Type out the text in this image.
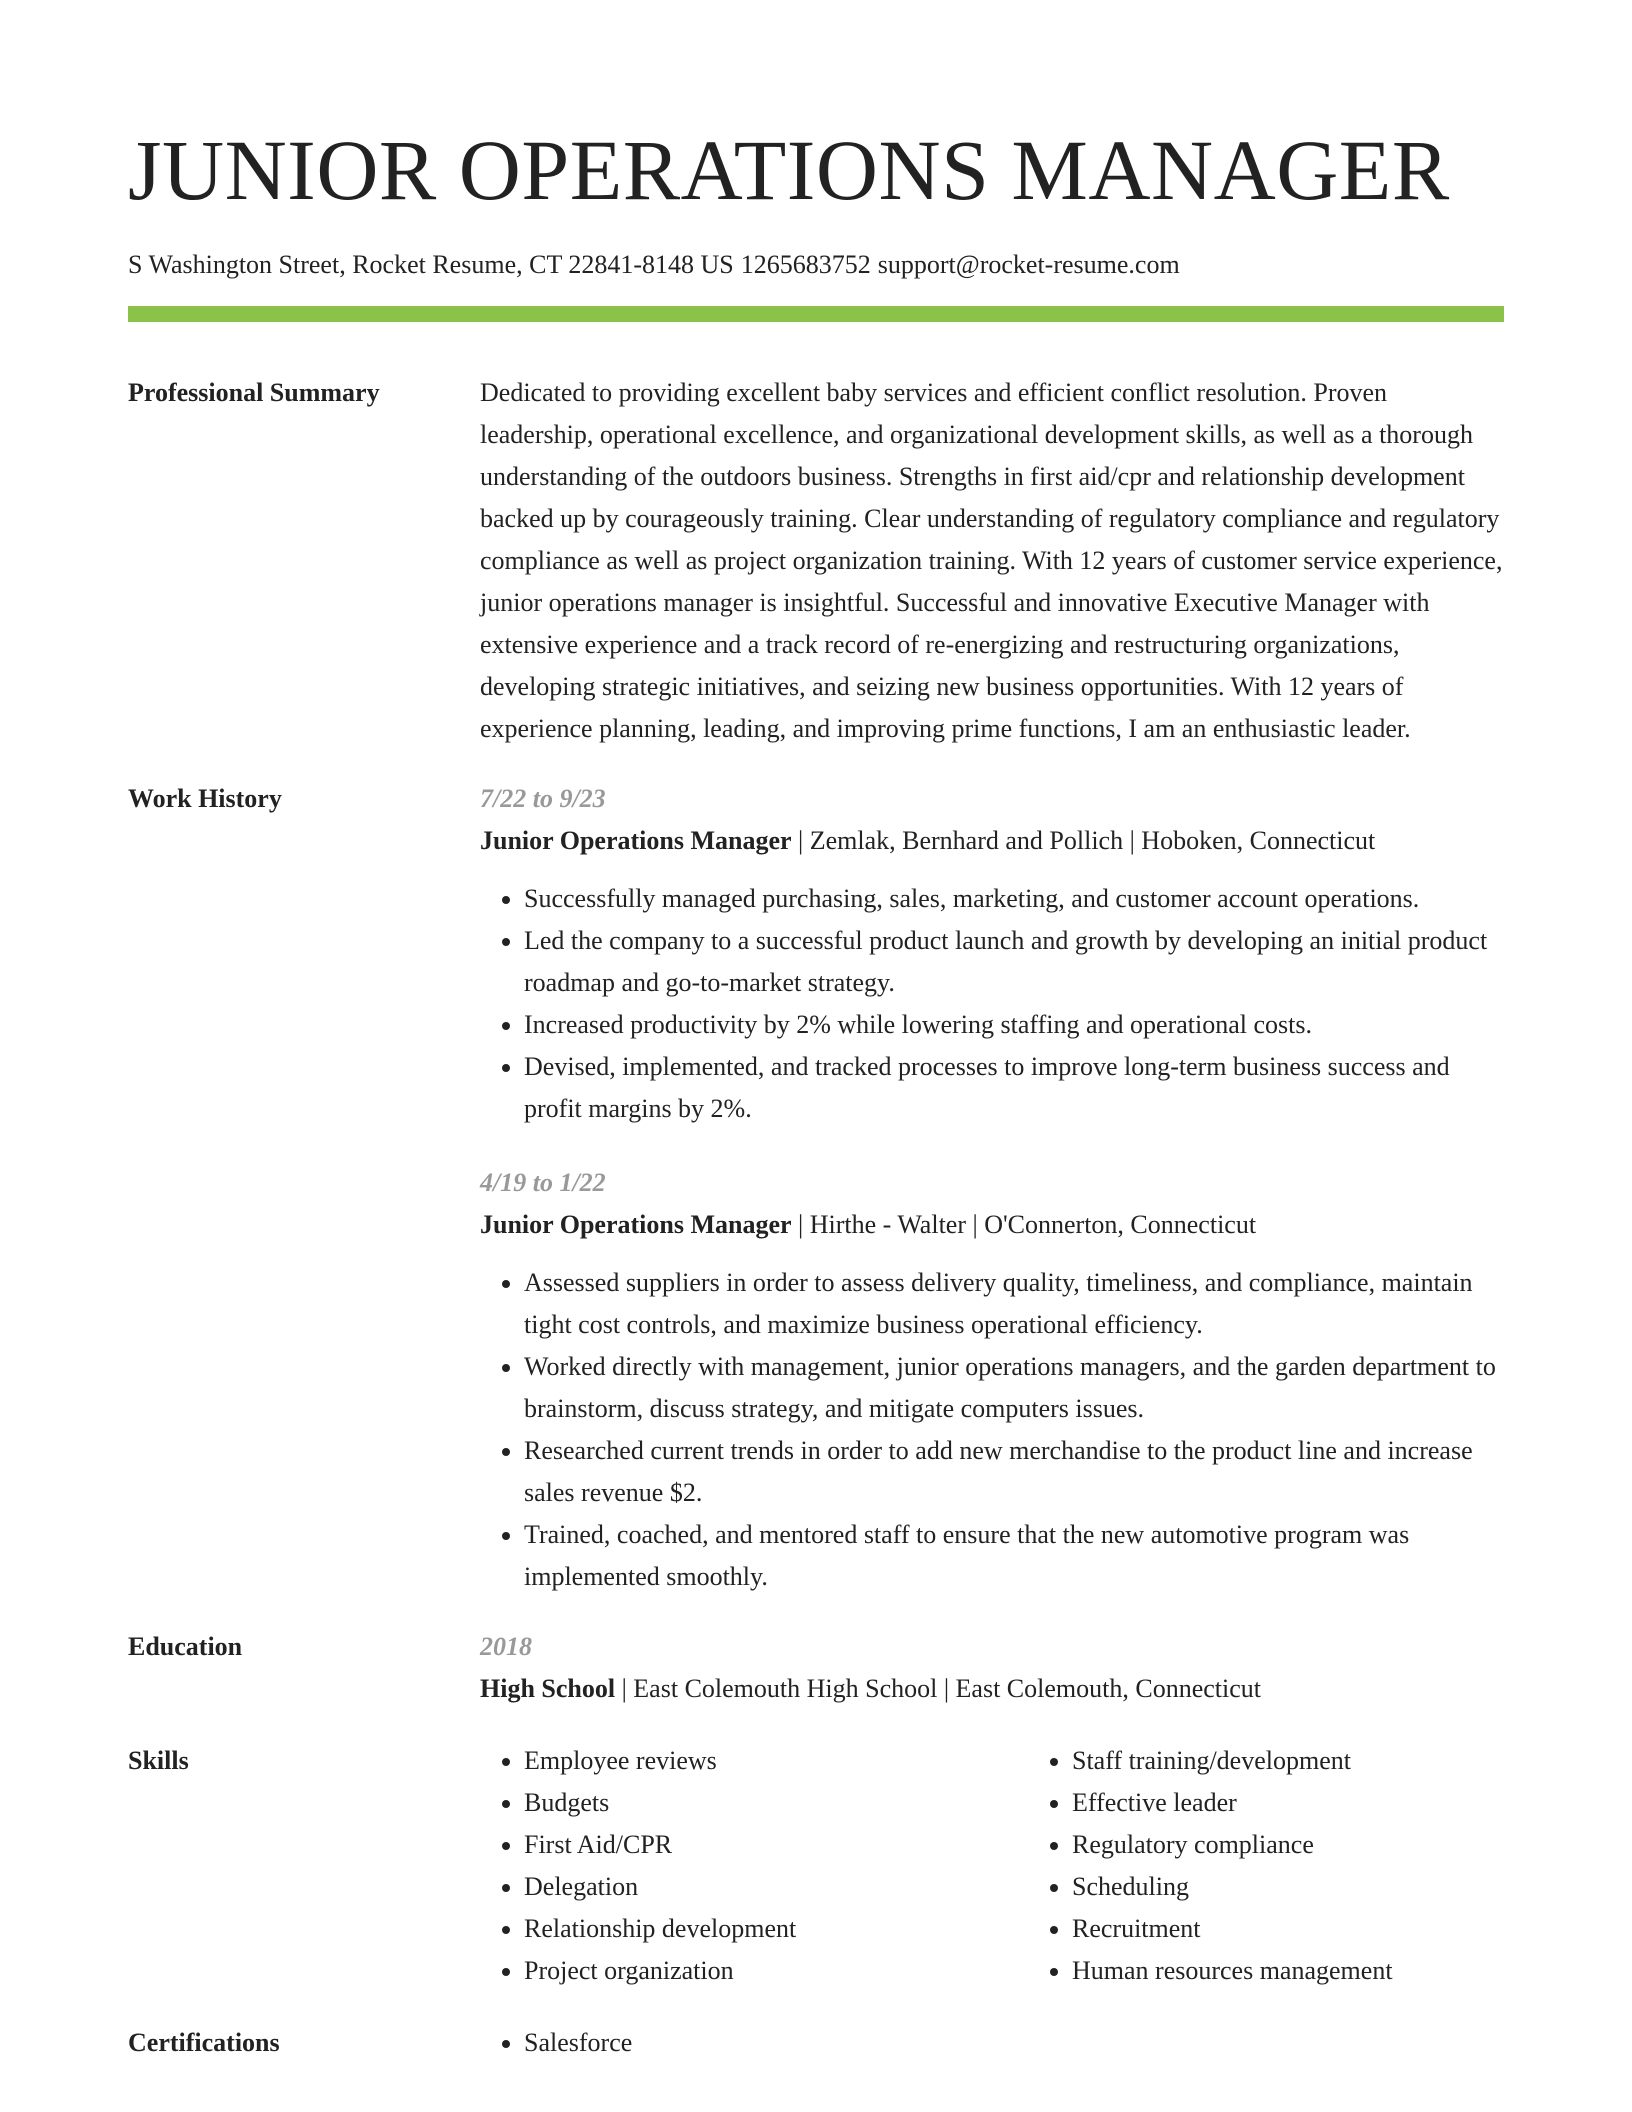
JUNIOR OPERATIONS MANAGER
S Washington Street, Rocket Resume, CT 22841-8148 US 1265683752 support@rocket-resume.com
Professional Summary	Dedicated to providing excellent baby services and efficient conflict resolution. Proven leadership, operational excellence, and organizational development skills, as well as a thorough understanding of the outdoors business. Strengths in first aid/cpr and relationship development backed up by courageously training. Clear understanding of regulatory compliance and regulatory compliance as well as project organization training. With 12 years of customer service experience, junior operations manager is insightful. Successful and innovative Executive Manager with extensive experience and a track record of re-energizing and restructuring organizations, developing strategic initiatives, and seizing new business opportunities. With 12 years of experience planning, leading, and improving prime functions, I am an enthusiastic leader.
Work History	7/22 to 9/23
Junior Operations Manager | Zemlak, Bernhard and Pollich | Hoboken, Connecticut
• Successfully managed purchasing, sales, marketing, and customer account operations.
• Led the company to a successful product launch and growth by developing an initial product roadmap and go-to-market strategy.
• Increased productivity by 2% while lowering staffing and operational costs.
• Devised, implemented, and tracked processes to improve long-term business success and profit margins by 2%.
4/19 to 1/22
Junior Operations Manager | Hirthe - Walter | O'Connerton, Connecticut
• Assessed suppliers in order to assess delivery quality, timeliness, and compliance, maintain tight cost controls, and maximize business operational efficiency.
• Worked directly with management, junior operations managers, and the garden department to brainstorm, discuss strategy, and mitigate computers issues.
• Researched current trends in order to add new merchandise to the product line and increase sales revenue $2.
• Trained, coached, and mentored staff to ensure that the new automotive program was implemented smoothly.
Education	2018
High School | East Colemouth High School | East Colemouth, Connecticut
Skills	• Employee reviews
• Budgets
• First Aid/CPR
• Delegation
• Relationship development
• Project organization
• Staff training/development
• Effective leader
• Regulatory compliance
• Scheduling
• Recruitment
• Human resources management
Certifications	• Salesforce
